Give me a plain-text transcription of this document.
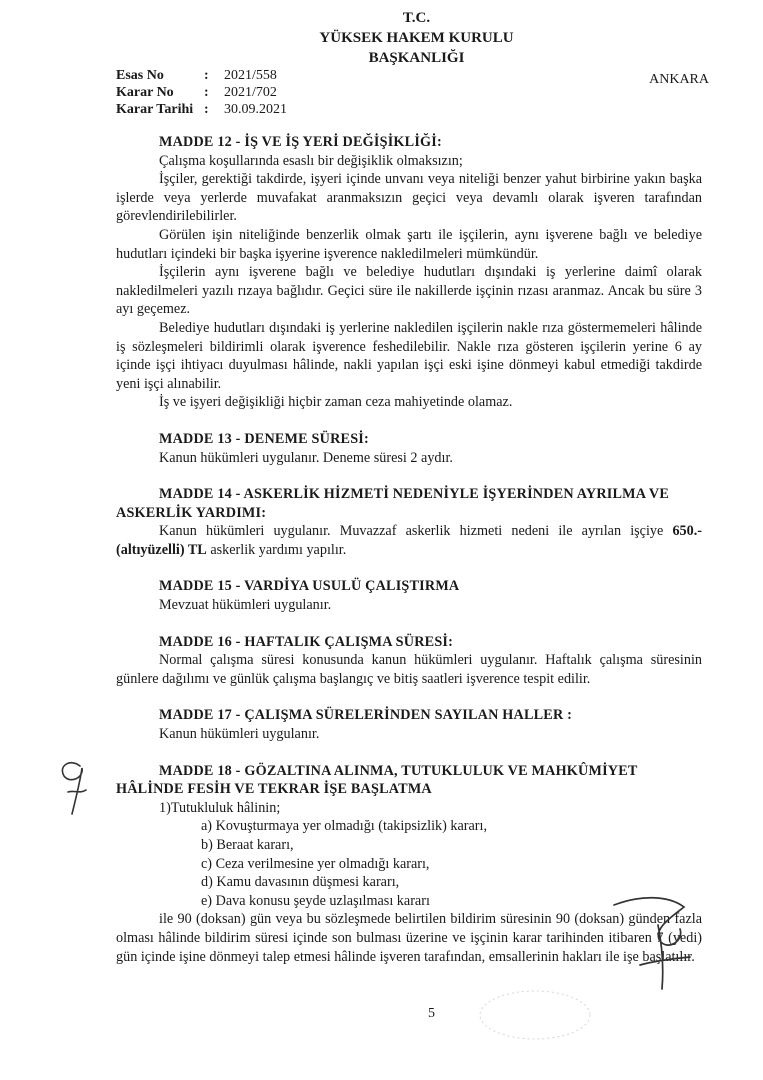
T.C.
YÜKSEK HAKEM KURULU
BAŞKANLIĞI
Esas No	:	2021/558
Karar No	:	2021/702
Karar Tarihi :	30.09.2021
ANKARA

MADDE 12 - İŞ VE İŞ YERİ DEĞİŞİKLİĞİ:

Çalışma koşullarında esaslı bir değişiklik olmaksızın;

İşçiler, gerektiği takdirde, işyeri içinde unvanı veya niteliği benzer yahut birbirine yakın başka işlerde veya yerlerde muvafakat aranmaksızın geçici veya devamlı olarak işveren tarafından görevlendirilebilirler.

Görülen işin niteliğinde benzerlik olmak şartı ile işçilerin, aynı işverene bağlı ve belediye hudutları içindeki bir başka işyerine işverence nakledilmeleri mümkündür.

İşçilerin aynı işverene bağlı ve belediye hudutları dışındaki iş yerlerine daimî olarak nakledilmeleri yazılı rızaya bağlıdır. Geçici süre ile nakillerde işçinin rızası aranmaz. Ancak bu süre 3 ayı geçemez.

Belediye hudutları dışındaki iş yerlerine nakledilen işçilerin nakle rıza göstermemeleri hâlinde iş sözleşmeleri bildirimli olarak işverence feshedilebilir. Nakle rıza gösteren işçilerin yerine 6 ay içinde işçi ihtiyacı duyulması hâlinde, nakli yapılan işçi eski işine dönmeyi kabul etmediği takdirde yeni işçi alınabilir.

İş ve işyeri değişikliği hiçbir zaman ceza mahiyetinde olamaz.

MADDE 13 - DENEME SÜRESİ:

Kanun hükümleri uygulanır. Deneme süresi 2 aydır.

MADDE 14 - ASKERLİK HİZMETİ NEDENİYLE İŞYERİNDEN AYRILMA VE ASKERLİK YARDIMI:

Kanun hükümleri uygulanır. Muvazzaf askerlik hizmeti nedeni ile ayrılan işçiye 650.-(altıyüzelli) TL askerlik yardımı yapılır.

MADDE 15 - VARDİYA USULÜ ÇALIŞTIRMA

Mevzuat hükümleri uygulanır.

MADDE 16 - HAFTALIK ÇALIŞMA SÜRESİ:

Normal çalışma süresi konusunda kanun hükümleri uygulanır. Haftalık çalışma süresinin günlere dağılımı ve günlük çalışma başlangıç ve bitiş saatleri işverence tespit edilir.

MADDE 17 - ÇALIŞMA SÜRELERİNDEN SAYILAN HALLER :

Kanun hükümleri uygulanır.

MADDE 18 - GÖZALTINA ALINMA, TUTUKLULUK VE MAHKÛMİYET HÂLİNDE FESİH VE TEKRAR İŞE BAŞLATMA

1)Tutukluluk hâlinin;

a) Kovuşturmaya yer olmadığı (takipsizlik) kararı,

b) Beraat kararı,

c) Ceza verilmesine yer olmadığı kararı,

d) Kamu davasının düşmesi kararı,

e) Dava konusu şeyde uzlaşılması kararı

ile 90 (doksan) gün veya bu sözleşmede belirtilen bildirim süresinin 90 (doksan) günden fazla olması hâlinde bildirim süresi içinde son bulması üzerine ve işçinin karar tarihinden itibaren 7 (yedi) gün içinde işine dönmeyi talep etmesi hâlinde işveren tarafından, emsallerinin hakları ile işe başlatılır.

5
